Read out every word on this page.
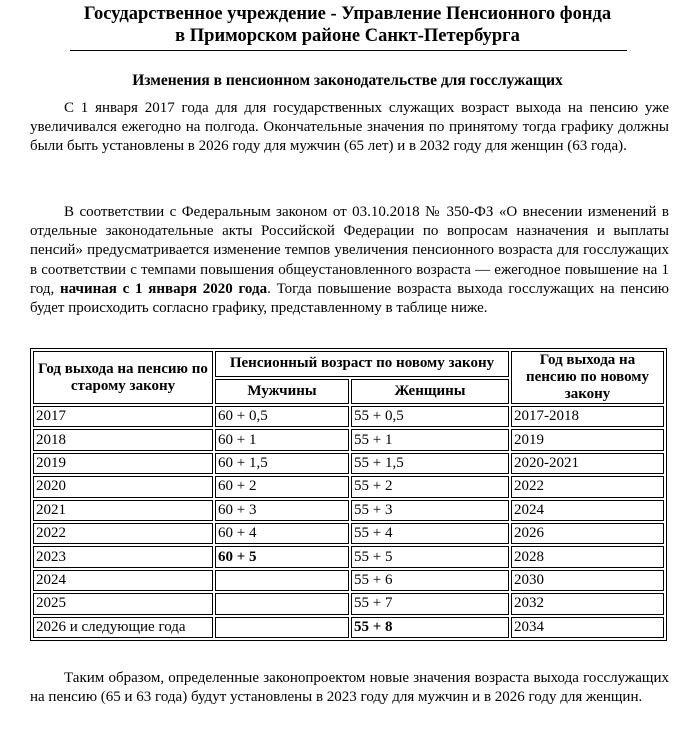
Государственное учреждение - Управление Пенсионного фонда
в Приморском районе Санкт-Петербурга
Изменения в пенсионном законодательстве для госслужащих

С 1 января 2017 года для для государственных служащих возраст выхода на пенсию уже увеличивался ежегодно на полгода. Окончательные значения по принятому тогда графику должны были быть установлены в 2026 году для мужчин (65 лет) и в 2032 году для женщин (63 года).

В соответствии с Федеральным законом от 03.10.2018 № 350-ФЗ «О внесении изменений в отдельные законодательные акты Российской Федерации по вопросам назначения и выплаты пенсий» предусматривается изменение темпов увеличения пенсионного возраста для госслужащих в соответствии с темпами повышения общеустановленного возраста — ежегодное повышение на 1 год, начиная с 1 января 2020 года. Тогда повышение возраста выхода госслужащих на пенсию будет происходить согласно графику, представленному в таблице ниже.

Год выхода на пенсию по старому закону	Пенсионный возраст по новому закону		Год выхода на пенсию по новому закону
	Мужчины	Женщины	
2017	60 + 0,5	55 + 0,5	2017-2018
2018	60 + 1	55 + 1	2019
2019	60 + 1,5	55 + 1,5	2020-2021
2020	60 + 2	55 + 2	2022
2021	60 + 3	55 + 3	2024
2022	60 + 4	55 + 4	2026
2023	60 + 5	55 + 5	2028
2024		55 + 6	2030
2025		55 + 7	2032
2026 и следующие года		55 + 8	2034

Таким образом, определенные законопроектом новые значения возраста выхода госслужащих на пенсию (65 и 63 года) будут установлены в 2023 году для мужчин и в 2026 году для женщин.
